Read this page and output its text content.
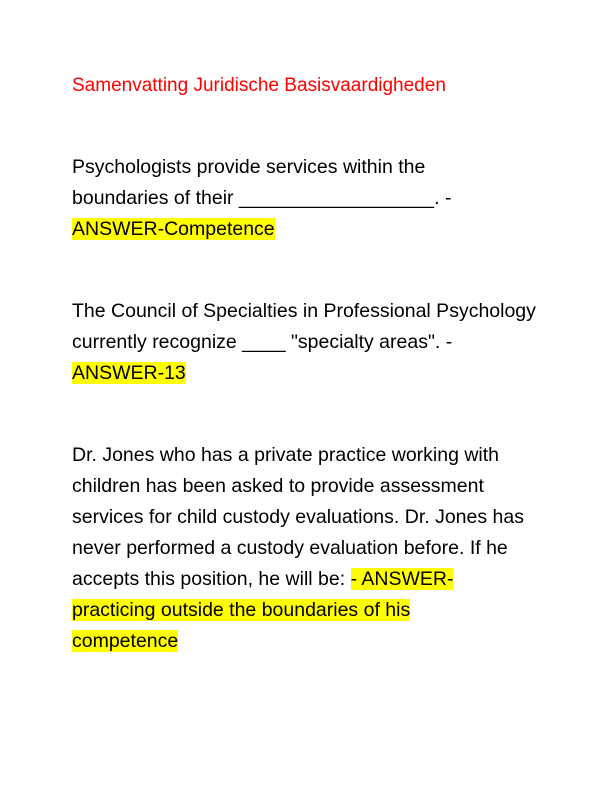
Samenvatting Juridische Basisvaardigheden
Psychologists provide services within the
boundaries of their __________________. -
ANSWER-Competence
The Council of Specialties in Professional Psychology
currently recognize ____ "specialty areas". -
ANSWER-13
Dr. Jones who has a private practice working with
children has been asked to provide assessment
services for child custody evaluations. Dr. Jones has
never performed a custody evaluation before. If he
accepts this position, he will be: - ANSWER-
practicing outside the boundaries of his
competence
